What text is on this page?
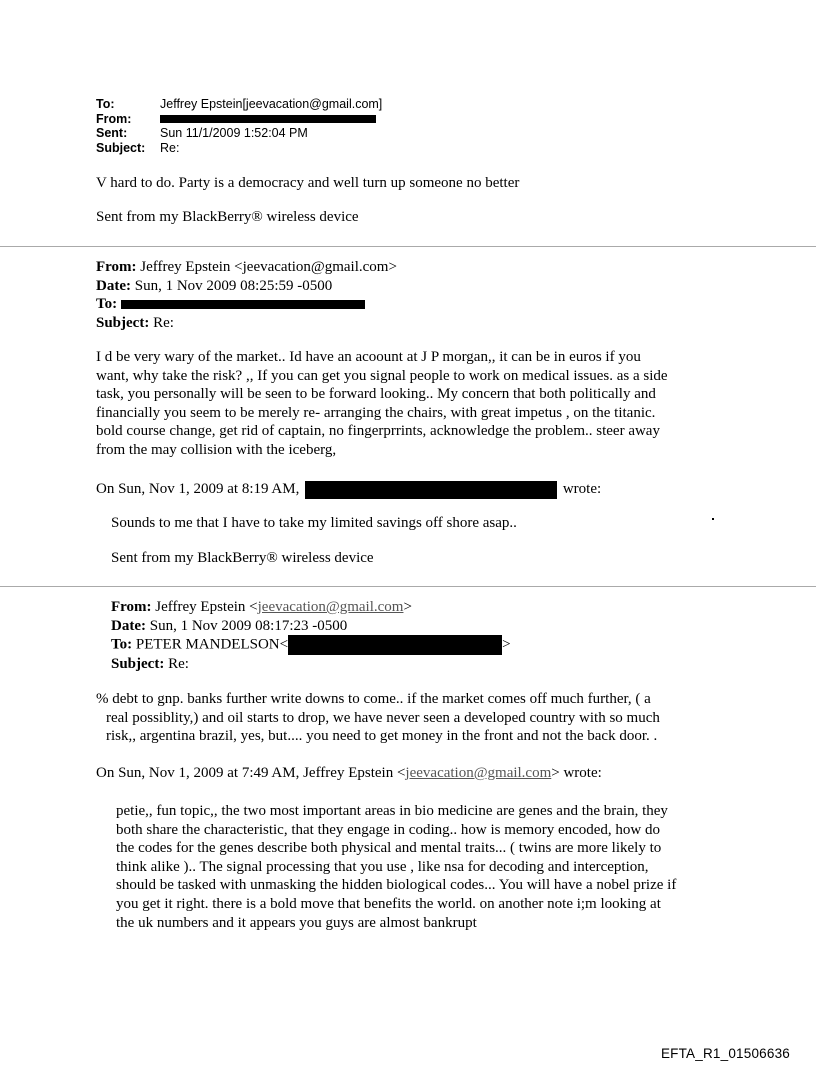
To:	Jeffrey Epstein[jeevacation@gmail.com]
From:
Sent:	Sun 11/1/2009 1:52:04 PM
Subject:	Re:
V hard to do. Party is a democracy and well turn up someone no better
Sent from my BlackBerry® wireless device
From: Jeffrey Epstein <jeevacation@gmail.com>
Date: Sun, 1 Nov 2009 08:25:59 -0500
To:
Subject: Re:
I d be very wary of the market.. Id have an acoount at J P morgan,, it can be in euros if you
want, why take the risk? ,, If you can get you signal people to work on medical issues. as a side
task, you personally will be seen to be forward looking.. My concern that both politically and
financially you seem to be merely re- arranging the chairs, with great impetus , on the titanic.
bold course change, get rid of captain, no fingerprrints, acknowledge the problem.. steer away
from the may collision with the iceberg,
On Sun, Nov 1, 2009 at 8:19 AM,	wrote:
Sounds to me that I have to take my limited savings off shore asap..
Sent from my BlackBerry® wireless device
From: Jeffrey Epstein <jeevacation@gmail.com>
Date: Sun, 1 Nov 2009 08:17:23 -0500
To: PETER MANDELSON<	>
Subject: Re:
% debt to gnp. banks further write downs to come.. if the market comes off much further, ( a
real possiblity,) and oil starts to drop, we have never seen a developed country with so much
risk,, argentina brazil, yes, but.... you need to get money in the front and not the back door. .
On Sun, Nov 1, 2009 at 7:49 AM, Jeffrey Epstein <jeevacation@gmail.com> wrote:
petie,, fun topic,, the two most important areas in bio medicine are genes and the brain, they
both share the characteristic, that they engage in coding.. how is memory encoded, how do
the codes for the genes describe both physical and mental traits... ( twins are more likely to
think alike ).. The signal processing that you use , like nsa for decoding and interception,
should be tasked with unmasking the hidden biological codes... You will have a nobel prize if
you get it right. there is a bold move that benefits the world. on another note i;m looking at
the uk numbers and it appears you guys are almost bankrupt
EFTA_R1_01506636
